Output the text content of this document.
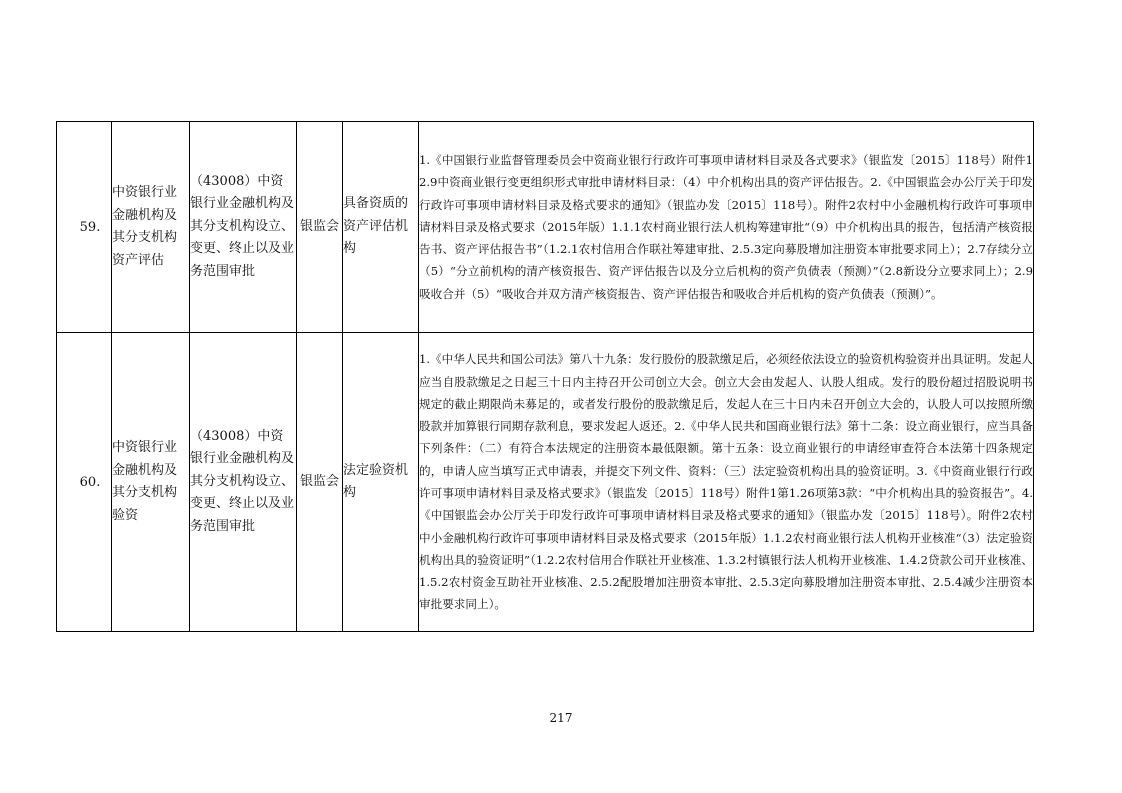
59.	中资银行业金融机构及其分支机构资产评估	（43008）中资银行业金融机构及其分支机构设立、变更、终止以及业务范围审批	银监会	具备资质的资产评估机构	1.《中国银行业监督管理委员会中资商业银行行政许可事项申请材料目录及各式要求》（银监发〔2015〕118号）附件12.9中资商业银行变更组织形式审批申请材料目录：（4）中介机构出具的资产评估报告。2.《中国银监会办公厅关于印发行政许可事项申请材料目录及格式要求的通知》（银监办发〔2015〕118号）。附件2农村中小金融机构行政许可事项申请材料目录及格式要求（2015年版）1.1.1农村商业银行法人机构筹建审批“（9）中介机构出具的报告，包括清产核资报告书、资产评估报告书”（1.2.1农村信用合作联社筹建审批、2.5.3定向募股增加注册资本审批要求同上）；2.7存续分立（5）“分立前机构的清产核资报告、资产评估报告以及分立后机构的资产负债表（预测）”（2.8新设分立要求同上）；2.9吸收合并（5）“吸收合并双方清产核资报告、资产评估报告和吸收合并后机构的资产负债表（预测）”。
60.	中资银行业金融机构及其分支机构验资	（43008）中资银行业金融机构及其分支机构设立、变更、终止以及业务范围审批	银监会	法定验资机构	1.《中华人民共和国公司法》第八十九条：发行股份的股款缴足后，必须经依法设立的验资机构验资并出具证明。发起人应当自股款缴足之日起三十日内主持召开公司创立大会。创立大会由发起人、认股人组成。发行的股份超过招股说明书规定的截止期限尚未募足的，或者发行股份的股款缴足后，发起人在三十日内未召开创立大会的，认股人可以按照所缴股款并加算银行同期存款利息，要求发起人返还。2.《中华人民共和国商业银行法》第十二条：设立商业银行，应当具备下列条件：（二）有符合本法规定的注册资本最低限额。第十五条：设立商业银行的申请经审查符合本法第十四条规定的，申请人应当填写正式申请表，并提交下列文件、资料：（三）法定验资机构出具的验资证明。3.《中资商业银行行政许可事项申请材料目录及格式要求》（银监发〔2015〕118号）附件1第1.26项第3款：“中介机构出具的验资报告”。4.《中国银监会办公厅关于印发行政许可事项申请材料目录及格式要求的通知》（银监办发〔2015〕118号）。附件2农村中小金融机构行政许可事项申请材料目录及格式要求（2015年版）1.1.2农村商业银行法人机构开业核准“（3）法定验资机构出具的验资证明”（1.2.2农村信用合作联社开业核准、1.3.2村镇银行法人机构开业核准、1.4.2贷款公司开业核准、1.5.2农村资金互助社开业核准、2.5.2配股增加注册资本审批、2.5.3定向募股增加注册资本审批、2.5.4减少注册资本审批要求同上）。
217
